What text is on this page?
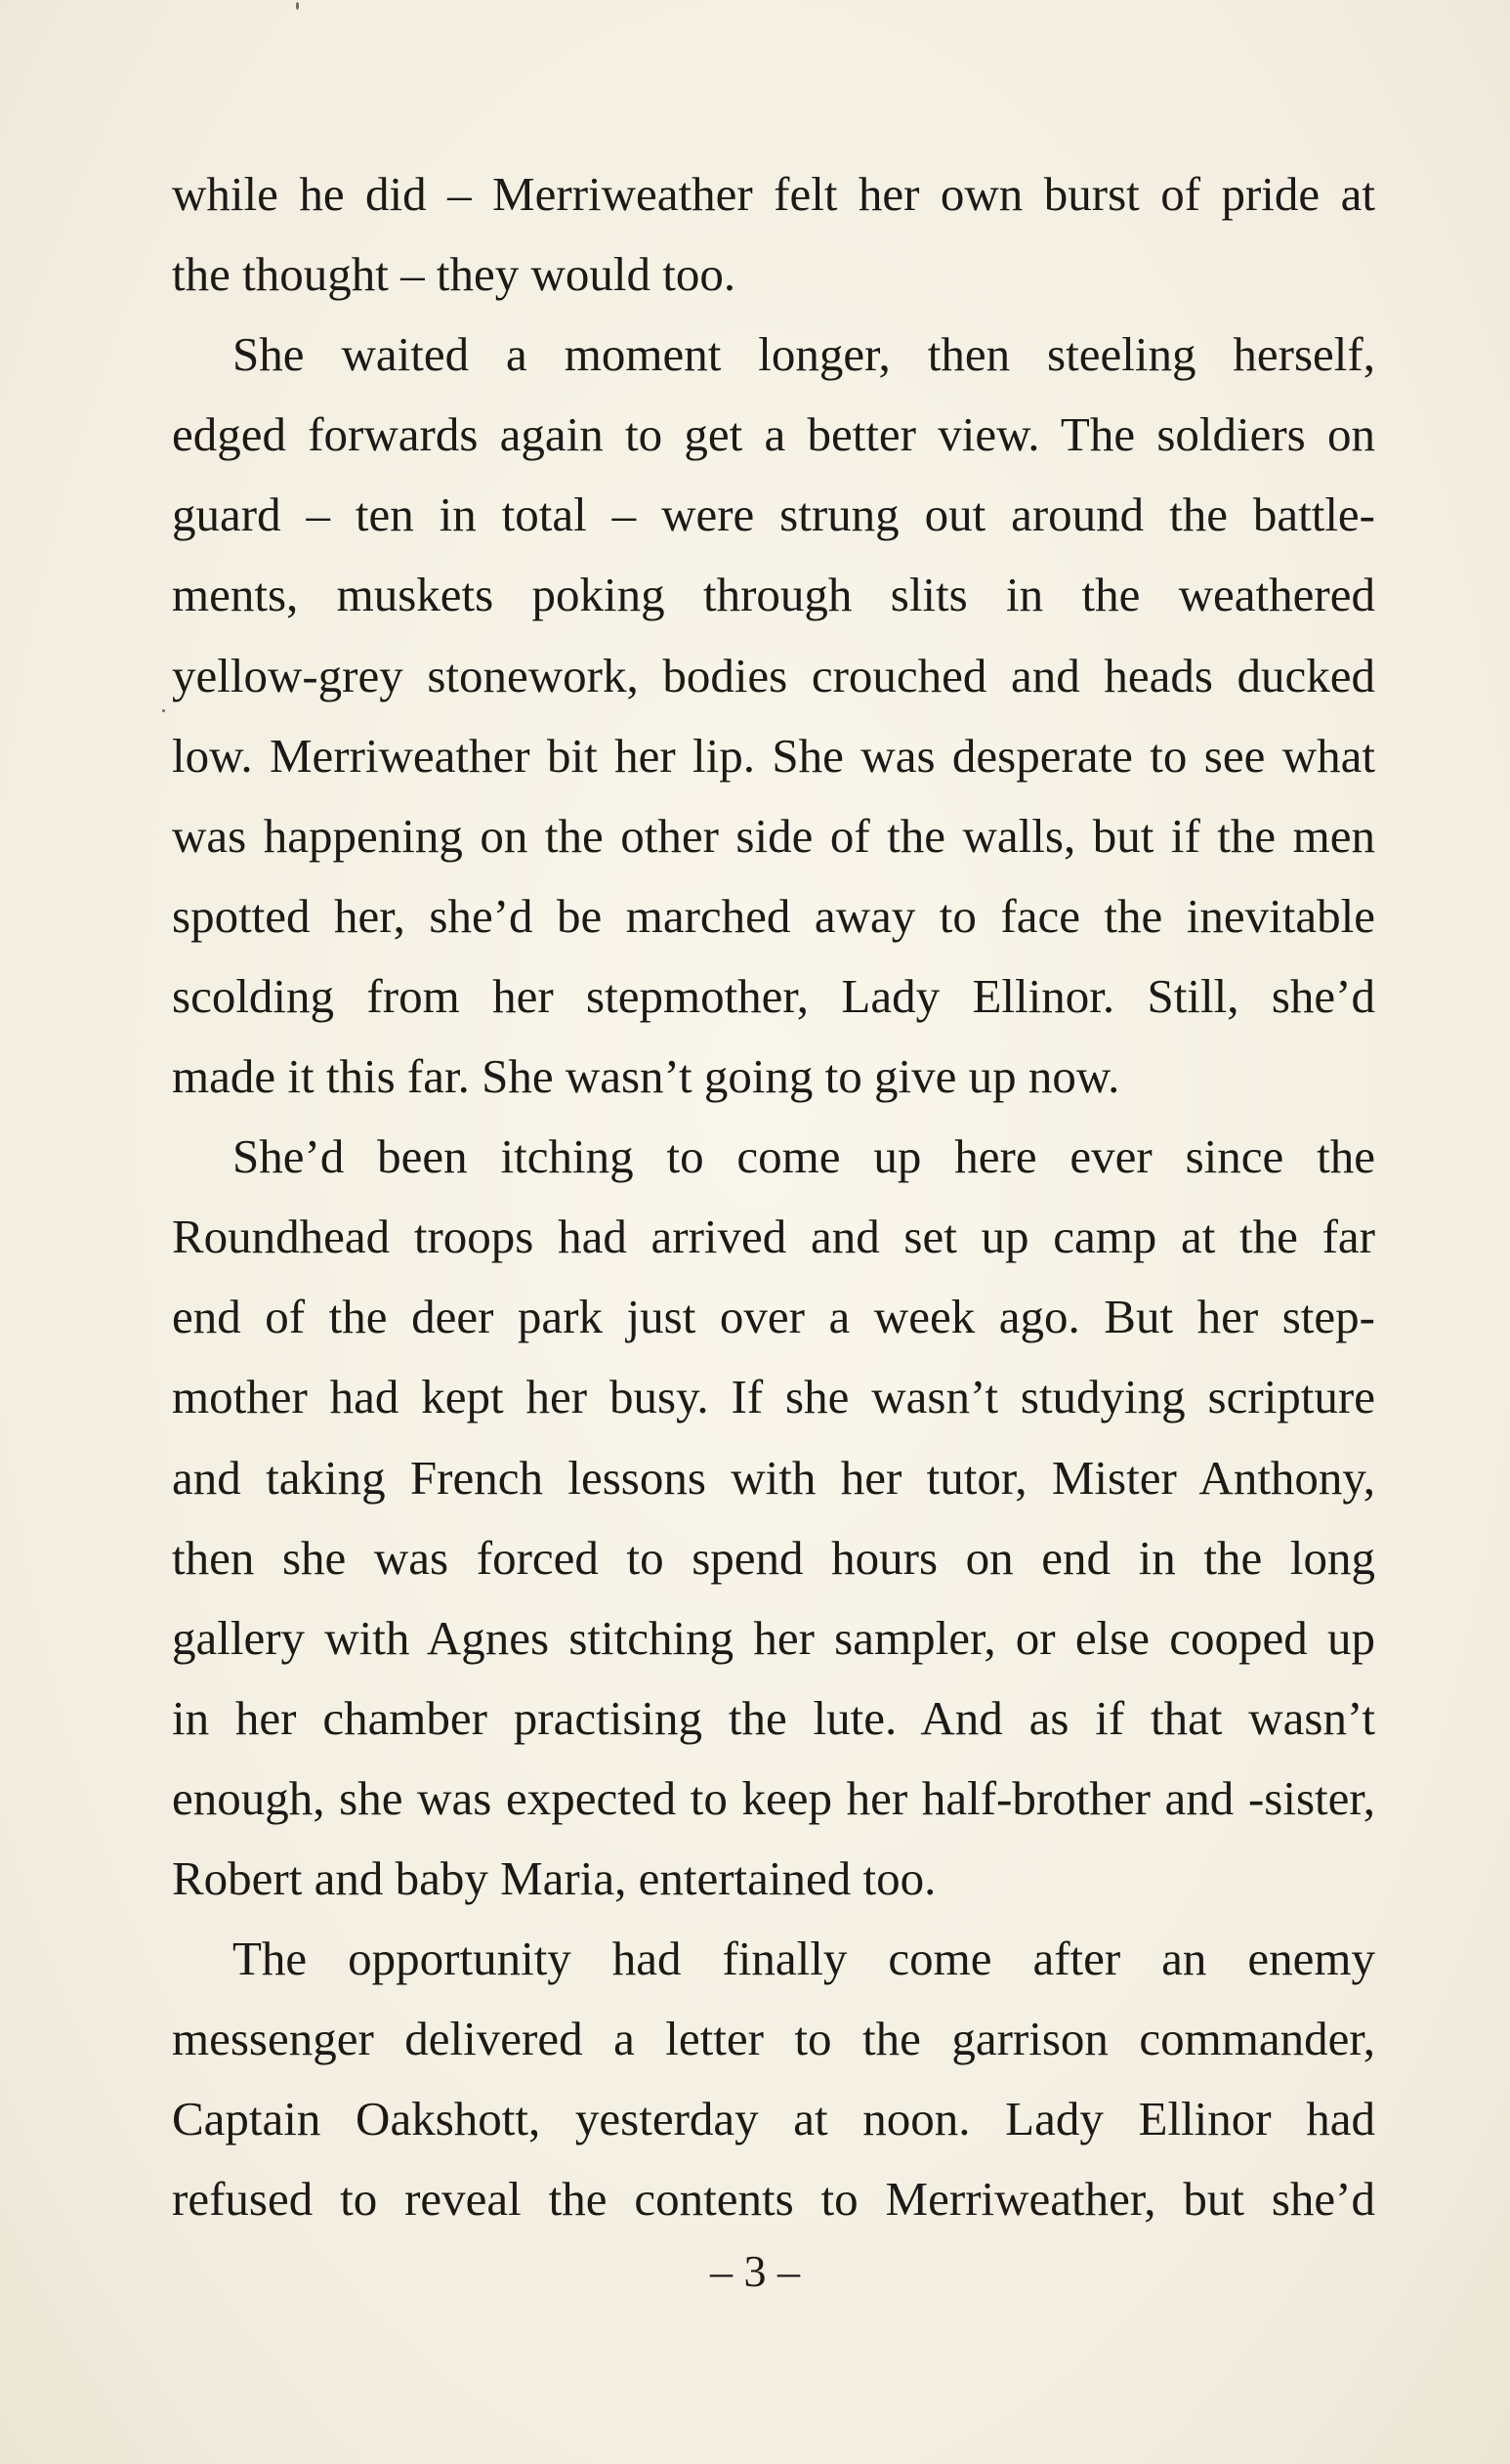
while he did – Merriweather felt her own burst of pride at
the thought – they would too.
She waited a moment longer, then steeling herself,
edged forwards again to get a better view. The soldiers on
guard – ten in total – were strung out around the battle-
ments, muskets poking through slits in the weathered
yellow-grey stonework, bodies crouched and heads ducked
low. Merriweather bit her lip. She was desperate to see what
was happening on the other side of the walls, but if the men
spotted her, she’d be marched away to face the inevitable
scolding from her stepmother, Lady Ellinor. Still, she’d
made it this far. She wasn’t going to give up now.
She’d been itching to come up here ever since the
Roundhead troops had arrived and set up camp at the far
end of the deer park just over a week ago. But her step-
mother had kept her busy. If she wasn’t studying scripture
and taking French lessons with her tutor, Mister Anthony,
then she was forced to spend hours on end in the long
gallery with Agnes stitching her sampler, or else cooped up
in her chamber practising the lute. And as if that wasn’t
enough, she was expected to keep her half-brother and -sister,
Robert and baby Maria, entertained too.
The opportunity had finally come after an enemy
messenger delivered a letter to the garrison commander,
Captain Oakshott, yesterday at noon. Lady Ellinor had
refused to reveal the contents to Merriweather, but she’d
– 3 –
